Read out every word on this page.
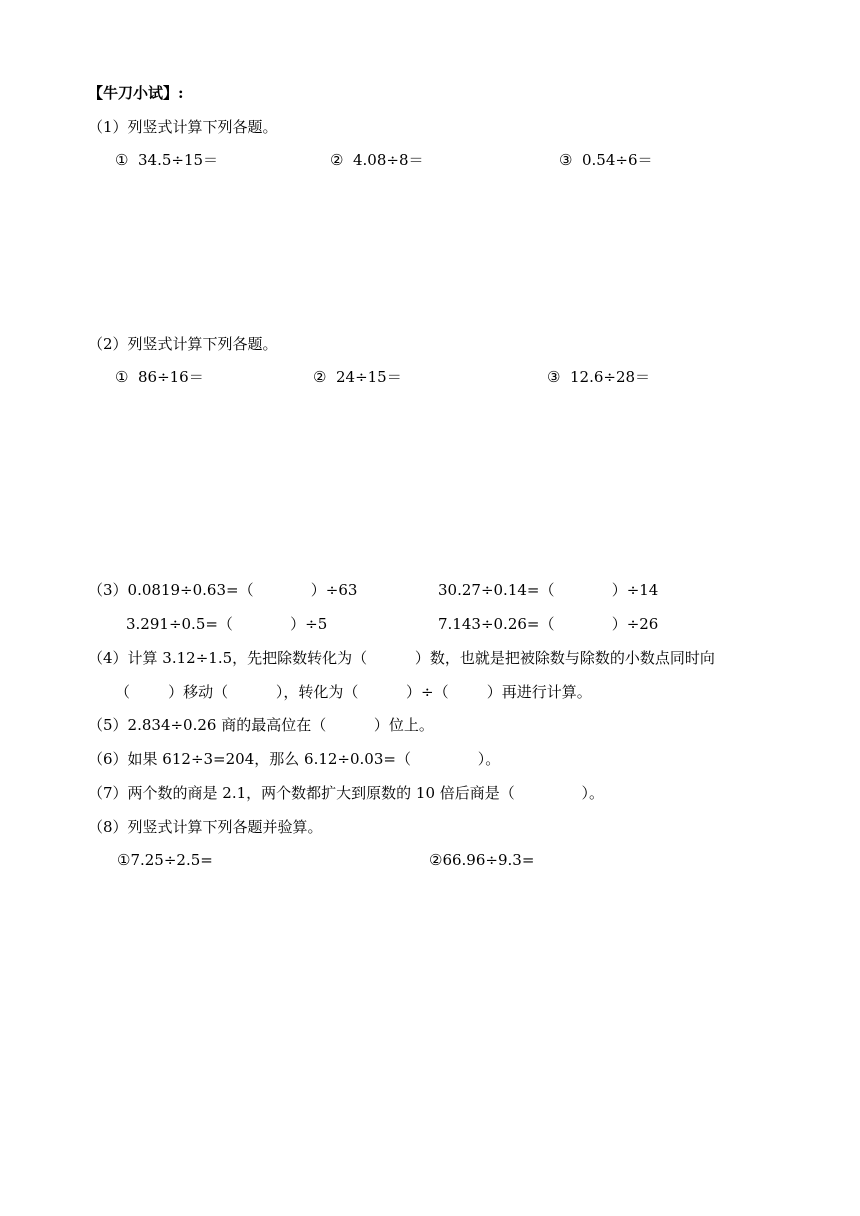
【牛刀小试】:
（1）列竖式计算下列各题。
①  34.5÷15＝	②  4.08÷8＝	③  0.54÷6＝
（2）列竖式计算下列各题。
①  86÷16＝	②  24÷15＝	③  12.6÷28＝
（3）0.0819÷0.63=（            ）÷63	30.27÷0.14=（            ）÷14
3.291÷0.5=（            ）÷5	7.143÷0.26=（            ）÷26
（4）计算 3.12÷1.5，先把除数转化为（          ）数，也就是把被除数与除数的小数点同时向
（        ）移动（          ），转化为（          ）÷（        ）再进行计算。
（5）2.834÷0.26 商的最高位在（          ）位上。
（6）如果 612÷3=204，那么 6.12÷0.03=（              ）。
（7）两个数的商是 2.1，两个数都扩大到原数的 10 倍后商是（              ）。
（8）列竖式计算下列各题并验算。
①7.25÷2.5=	②66.96÷9.3=
